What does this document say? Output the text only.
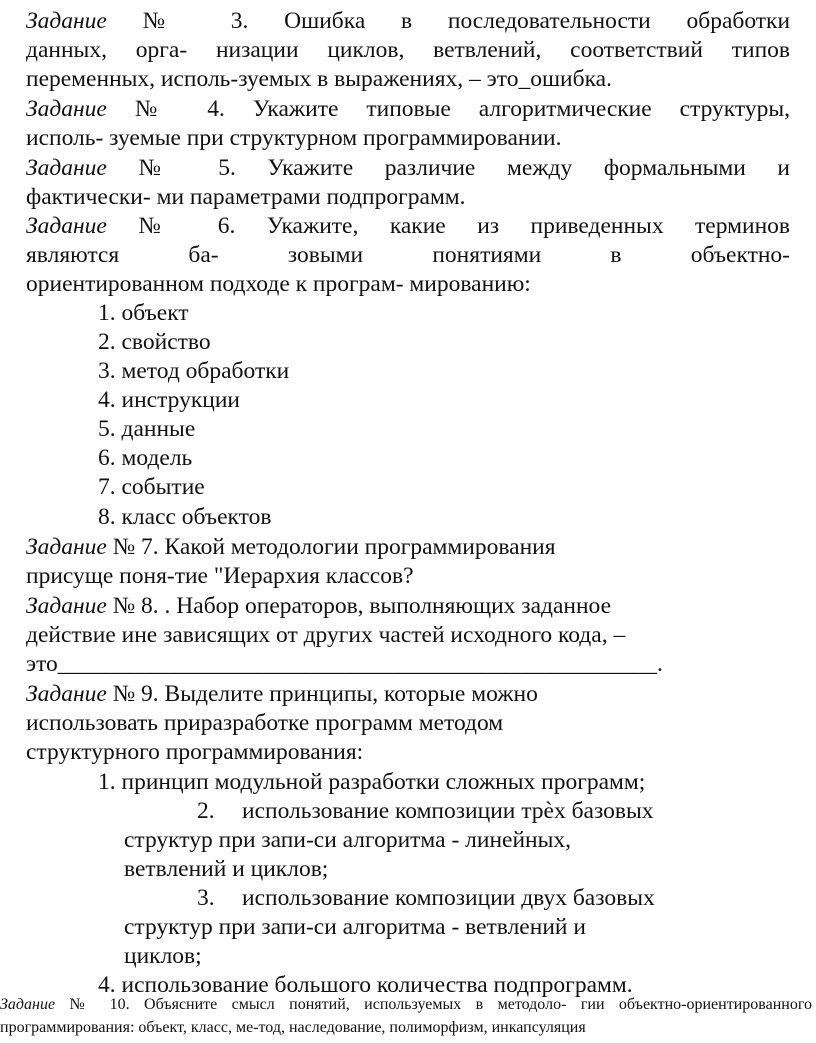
Задание № 3. Ошибка в последовательности обработки
данных, орга- низации циклов, ветвлений, соответствий типов
переменных, исполь-зуемых в выражениях, – это_ошибка.
Задание № 4. Укажите типовые алгоритмические структуры,
исполь- зуемые при структурном программировании.
Задание № 5. Укажите различие между формальными и
фактически- ми параметрами подпрограмм.
Задание № 6. Укажите, какие из приведенных терминов
являются ба- зовыми понятиями в объектно-
ориентированном подходе к програм- мированию:
1. объект
2. свойство
3. метод обработки
4. инструкции
5. данные
6. модель
7. событие
8. класс объектов
Задание № 7. Какой методологии программирования
присуще поня-тие "Иерархия классов?
Задание № 8. . Набор операторов, выполняющих заданное
действие ине зависящих от других частей исходного кода, –
это___________________________________________________.
Задание № 9. Выделите принципы, которые можно
использовать приразработке программ методом
структурного программирования:
1. принцип модульной разработки сложных программ;
2. использование композиции трѐх базовых
структур при запи-си алгоритма - линейных,
ветвлений и циклов;
3. использование композиции двух базовых
структур при запи-си алгоритма - ветвлений и
циклов;
4. использование большого количества подпрограмм.
Задание № 10. Объясните смысл понятий, используемых в методоло- гии объектно-ориентированного
программирования: объект, класс, ме-тод, наследование, полиморфизм, инкапсуляция
